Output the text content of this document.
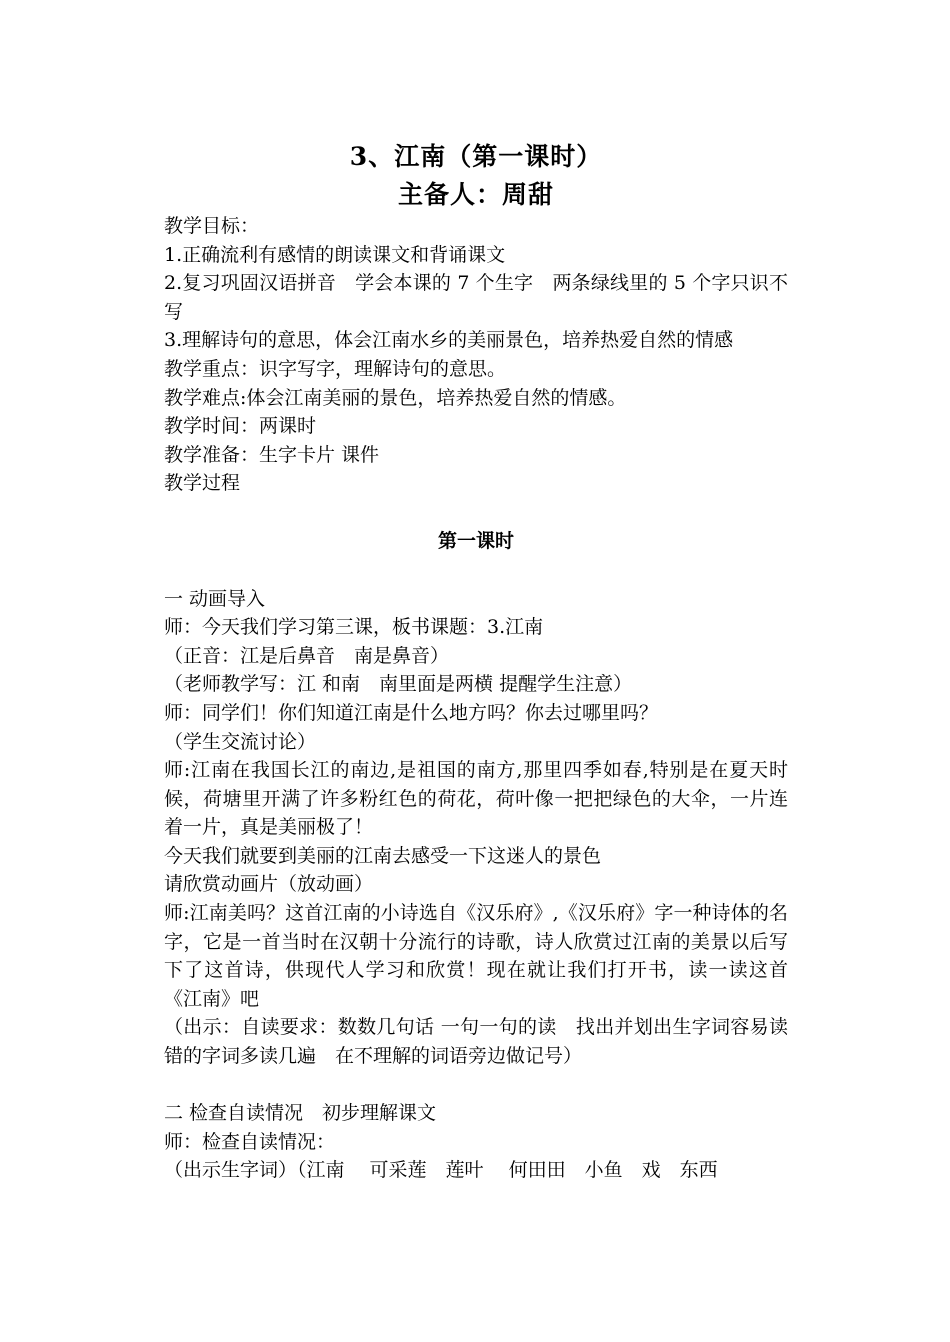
3、江南（第一课时）
主备人：周甜
教学目标：
1.正确流利有感情的朗读课文和背诵课文
2.复习巩固汉语拼音　学会本课的 7 个生字　两条绿线里的 5 个字只识不写
3.理解诗句的意思，体会江南水乡的美丽景色，培养热爱自然的情感
教学重点：识字写字，理解诗句的意思。
教学难点:体会江南美丽的景色，培养热爱自然的情感。
教学时间：两课时
教学准备：生字卡片 课件
教学过程
第一课时
一 动画导入
师：今天我们学习第三课，板书课题：3.江南
（正音：江是后鼻音　南是鼻音）
（老师教学写：江 和南　南里面是两横 提醒学生注意）
师：同学们！你们知道江南是什么地方吗？你去过哪里吗？
（学生交流讨论）
师:江南在我国长江的南边,是祖国的南方,那里四季如春,特别是在夏天时候，荷塘里开满了许多粉红色的荷花，荷叶像一把把绿色的大伞，一片连着一片，真是美丽极了！
今天我们就要到美丽的江南去感受一下这迷人的景色
请欣赏动画片（放动画）
师:江南美吗？这首江南的小诗选自《汉乐府》,《汉乐府》字一种诗体的名字，它是一首当时在汉朝十分流行的诗歌，诗人欣赏过江南的美景以后写下了这首诗，供现代人学习和欣赏！现在就让我们打开书，读一读这首《江南》吧
（出示：自读要求：数数几句话 一句一句的读　找出并划出生字词容易读错的字词多读几遍　在不理解的词语旁边做记号）
二 检查自读情况　初步理解课文
师：检查自读情况：
（出示生字词）（江南　 可采莲　莲叶　 何田田　小鱼　戏　东西
